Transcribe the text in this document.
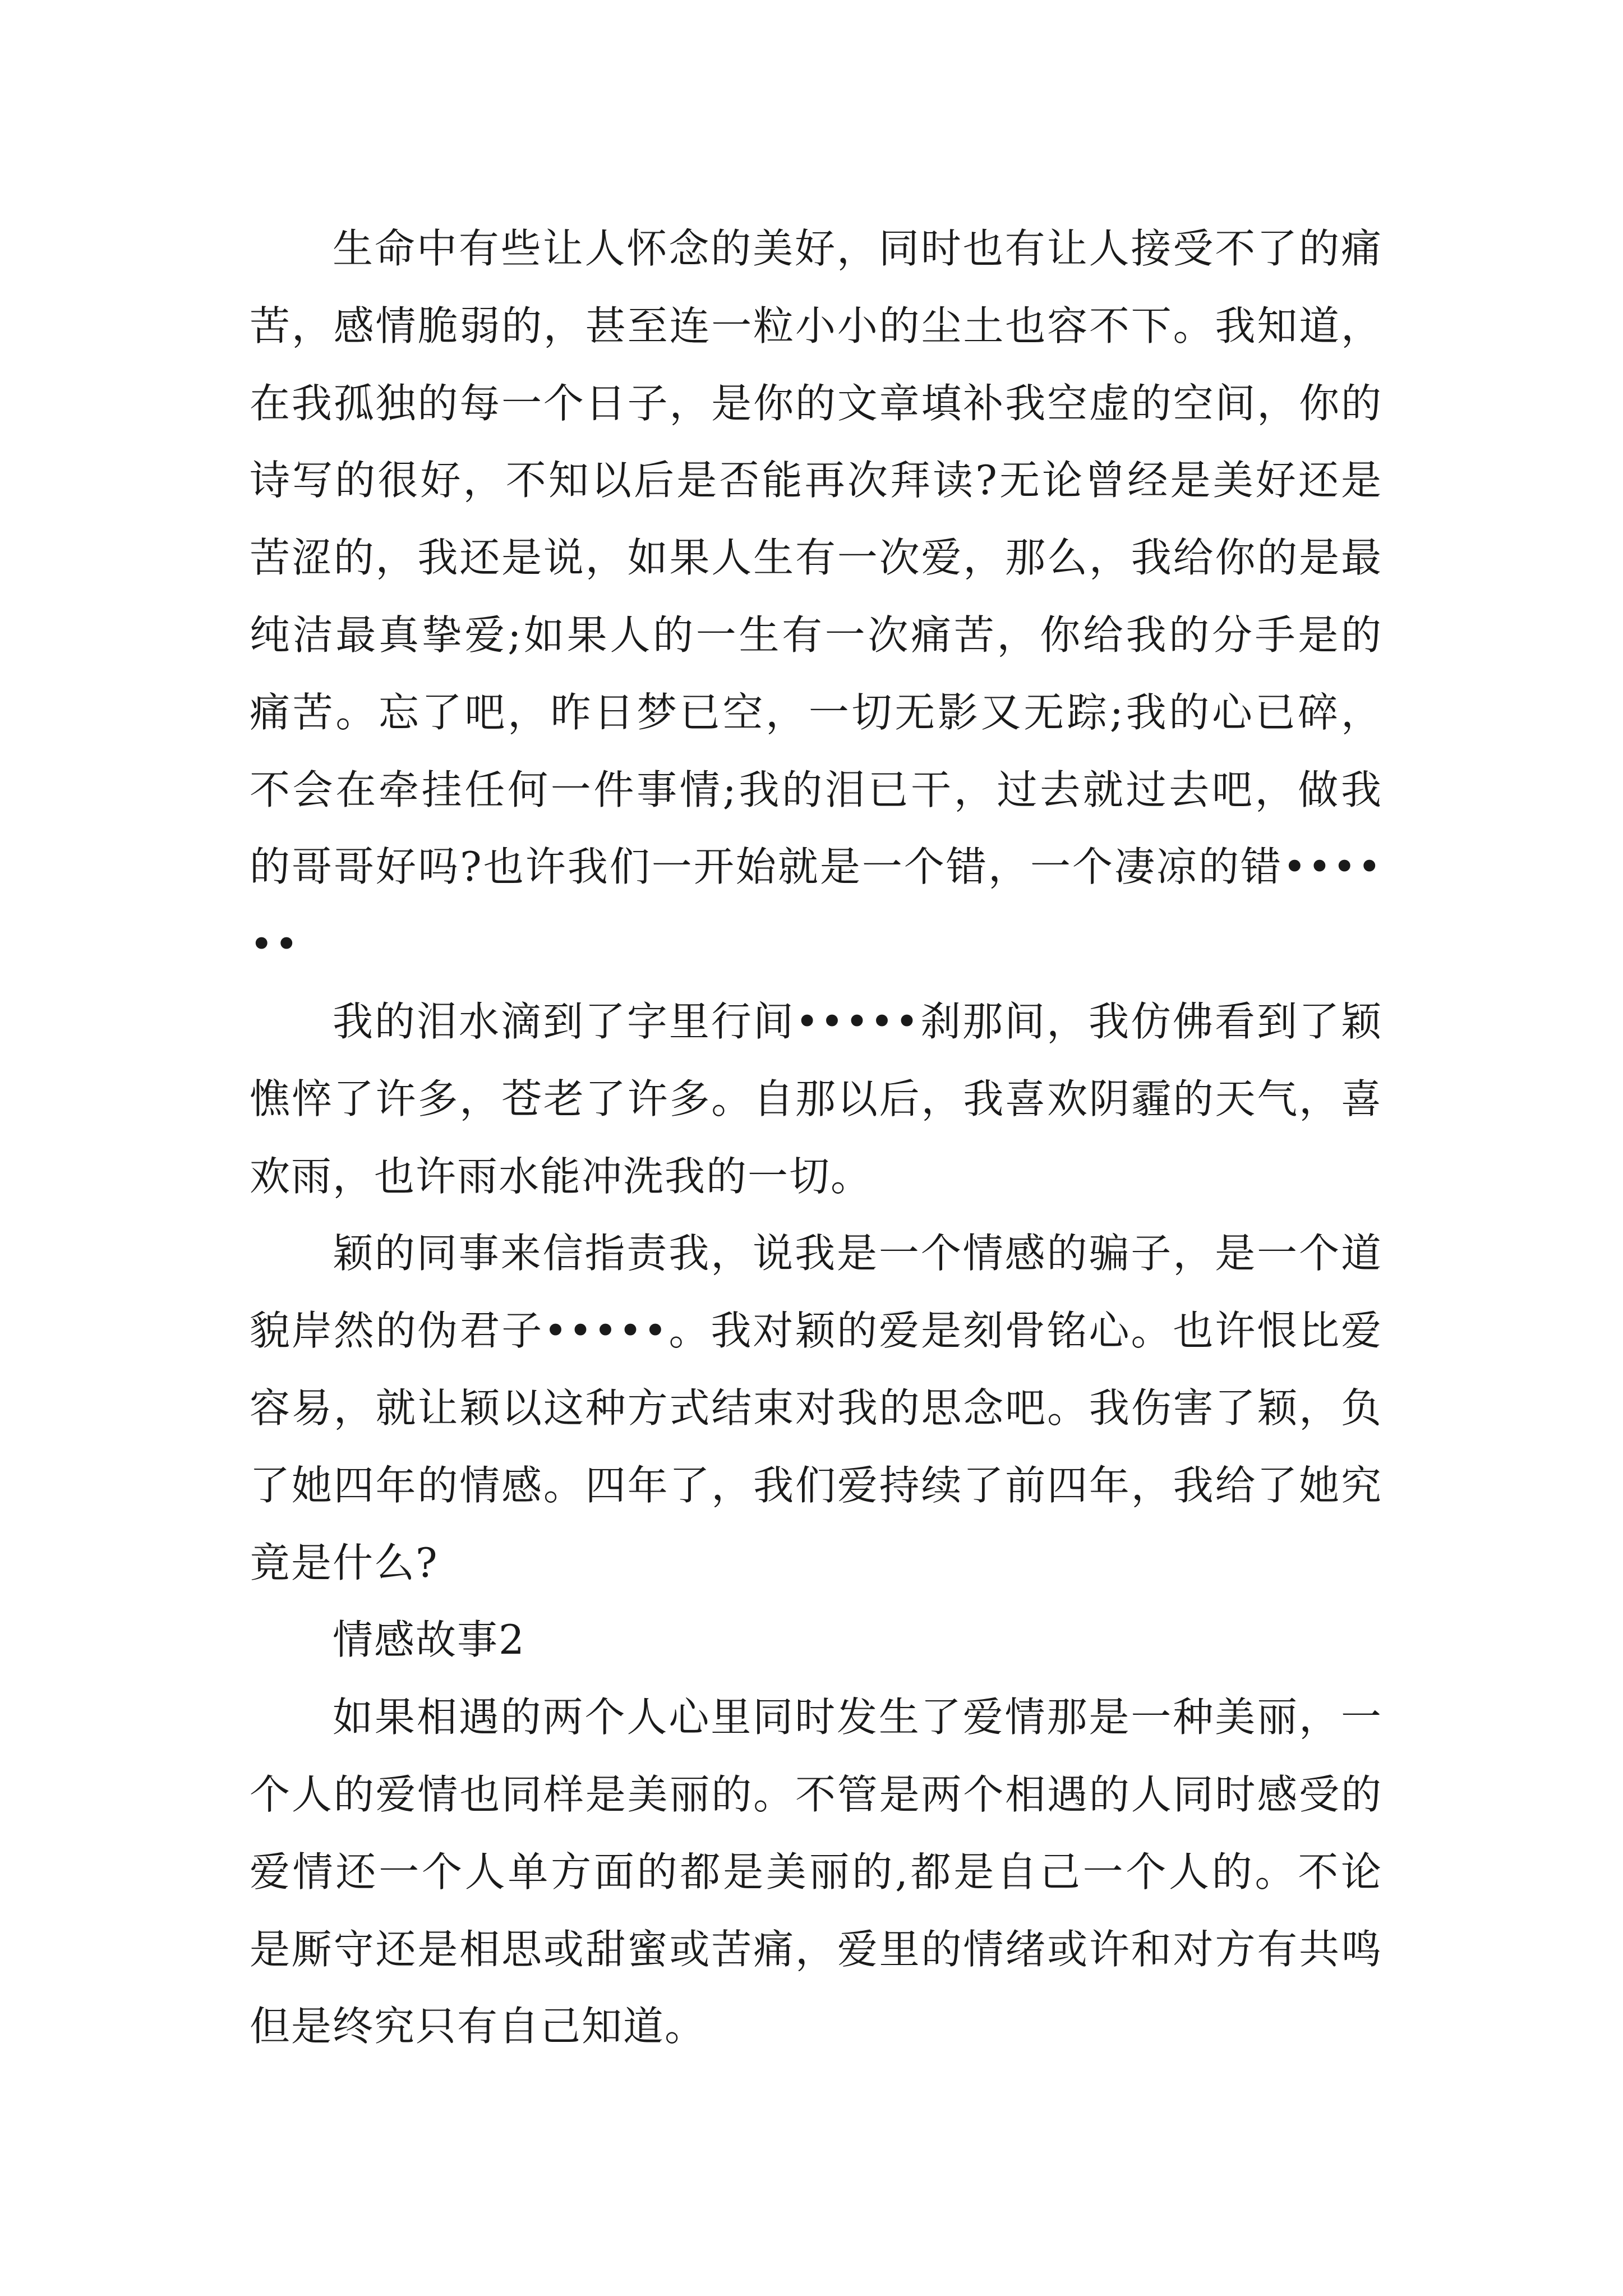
生命中有些让人怀念的美好，同时也有让人接受不了的痛苦，感情脆弱的，甚至连一粒小小的尘土也容不下。我知道，在我孤独的每一个日子，是你的文章填补我空虚的空间，你的诗写的很好，不知以后是否能再次拜读?无论曾经是美好还是苦涩的，我还是说，如果人生有一次爱，那么，我给你的是最纯洁最真挚爱;如果人的一生有一次痛苦，你给我的分手是的痛苦。忘了吧，昨日梦已空，一切无影又无踪;我的心已碎，不会在牵挂任何一件事情;我的泪已干，过去就过去吧，做我的哥哥好吗?也许我们一开始就是一个错，一个凄凉的错••••••

我的泪水滴到了字里行间•••••刹那间，我仿佛看到了颖憔悴了许多，苍老了许多。自那以后，我喜欢阴霾的天气，喜欢雨，也许雨水能冲洗我的一切。

颖的同事来信指责我，说我是一个情感的骗子，是一个道貌岸然的伪君子•••••。我对颖的爱是刻骨铭心。也许恨比爱容易，就让颖以这种方式结束对我的思念吧。我伤害了颖，负了她四年的情感。四年了，我们爱持续了前四年，我给了她究竟是什么?

情感故事2

如果相遇的两个人心里同时发生了爱情那是一种美丽，一个人的爱情也同样是美丽的。不管是两个相遇的人同时感受的爱情还一个人单方面的都是美丽的,都是自己一个人的。不论是厮守还是相思或甜蜜或苦痛，爱里的情绪或许和对方有共鸣但是终究只有自己知道。
